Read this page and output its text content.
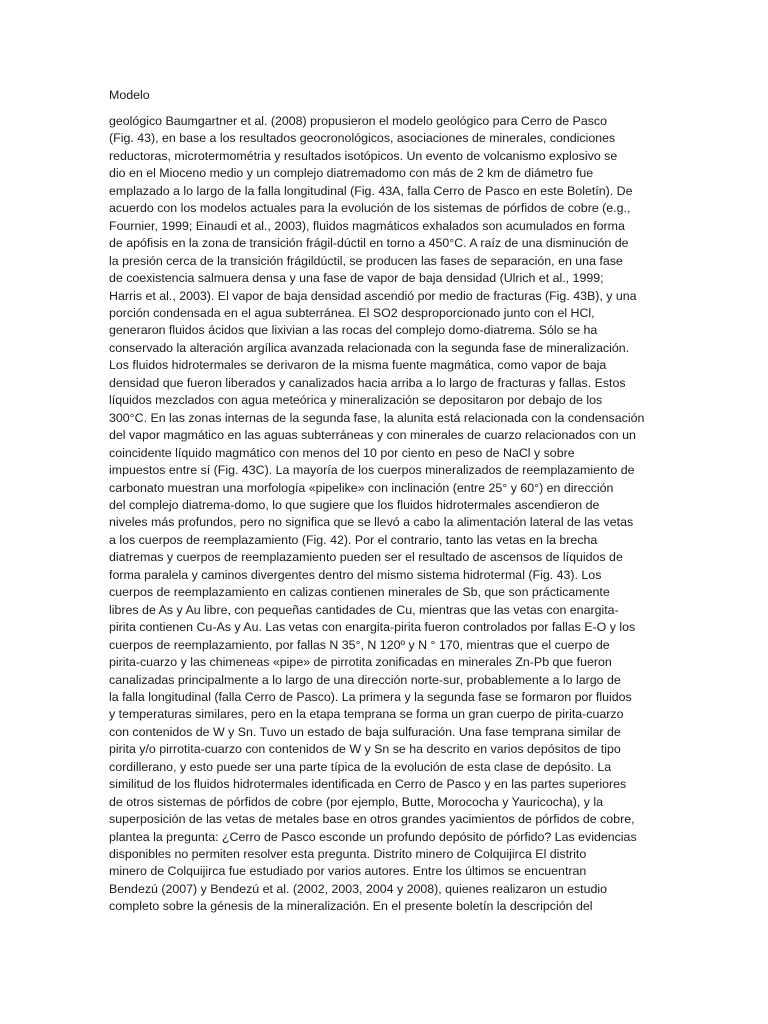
Modelo
geológico Baumgartner et al. (2008) propusieron el modelo geológico para Cerro de Pasco
(Fig. 43), en base a los resultados geocronológicos, asociaciones de minerales, condiciones
reductoras, microtermométria y resultados isotópicos. Un evento de volcanismo explosivo se
dio en el Mioceno medio y un complejo diatremadomo con más de 2 km de diámetro fue
emplazado a lo largo de la falla longitudinal (Fig. 43A, falla Cerro de Pasco en este Boletín). De
acuerdo con los modelos actuales para la evolución de los sistemas de pórfidos de cobre (e.g.,
Fournier, 1999; Einaudi et al., 2003), fluidos magmáticos exhalados son acumulados en forma
de apófisis en la zona de transición frágil-dúctil en torno a 450°C. A raíz de una disminución de
la presión cerca de la transición frágildúctil, se producen las fases de separación, en una fase
de coexistencia salmuera densa y una fase de vapor de baja densidad (Ulrich et al., 1999;
Harris et al., 2003). El vapor de baja densidad ascendió por medio de fracturas (Fig. 43B), y una
porción condensada en el agua subterránea. El SO2 desproporcionado junto con el HCl,
generaron fluidos ácidos que lixivian a las rocas del complejo domo-diatrema. Sólo se ha
conservado la alteración argílica avanzada relacionada con la segunda fase de mineralización.
Los fluidos hidrotermales se derivaron de la misma fuente magmática, como vapor de baja
densidad que fueron liberados y canalizados hacia arriba a lo largo de fracturas y fallas. Estos
líquidos mezclados con agua meteórica y mineralización se depositaron por debajo de los
300°C. En las zonas internas de la segunda fase, la alunita está relacionada con la condensación
del vapor magmático en las aguas subterráneas y con minerales de cuarzo relacionados con un
coincidente líquido magmático con menos del 10 por ciento en peso de NaCl y sobre
impuestos entre sí (Fig. 43C). La mayoría de los cuerpos mineralizados de reemplazamiento de
carbonato muestran una morfología «pipelike» con inclinación (entre 25° y 60°) en dirección
del complejo diatrema-domo, lo que sugiere que los fluidos hidrotermales ascendieron de
niveles más profundos, pero no significa que se llevó a cabo la alimentación lateral de las vetas
a los cuerpos de reemplazamiento (Fig. 42). Por el contrario, tanto las vetas en la brecha
diatremas y cuerpos de reemplazamiento pueden ser el resultado de ascensos de líquidos de
forma paralela y caminos divergentes dentro del mismo sistema hidrotermal (Fig. 43). Los
cuerpos de reemplazamiento en calizas contienen minerales de Sb, que son prácticamente
libres de As y Au libre, con pequeñas cantidades de Cu, mientras que las vetas con enargita-
pirita contienen Cu-As y Au. Las vetas con enargita-pirita fueron controlados por fallas E-O y los
cuerpos de reemplazamiento, por fallas N 35°, N 120º y N ° 170, mientras que el cuerpo de
pirita-cuarzo y las chimeneas «pipe» de pirrotita zonificadas en minerales Zn-Pb que fueron
canalizadas principalmente a lo largo de una dirección norte-sur, probablemente a lo largo de
la falla longitudinal (falla Cerro de Pasco). La primera y la segunda fase se formaron por fluidos
y temperaturas similares, pero en la etapa temprana se forma un gran cuerpo de pirita-cuarzo
con contenidos de W y Sn. Tuvo un estado de baja sulfuración. Una fase temprana similar de
pirita y/o pirrotita-cuarzo con contenidos de W y Sn se ha descrito en varios depósitos de tipo
cordillerano, y esto puede ser una parte típica de la evolución de esta clase de depósito. La
similitud de los fluidos hidrotermales identificada en Cerro de Pasco y en las partes superiores
de otros sistemas de pórfidos de cobre (por ejemplo, Butte, Morococha y Yauricocha), y la
superposición de las vetas de metales base en otros grandes yacimientos de pórfidos de cobre,
plantea la pregunta: ¿Cerro de Pasco esconde un profundo depósito de pórfido? Las evidencias
disponibles no permiten resolver esta pregunta. Distrito minero de Colquijirca El distrito
minero de Colquijirca fue estudiado por varios autores. Entre los últimos se encuentran
Bendezú (2007) y Bendezú et al. (2002, 2003, 2004 y 2008), quienes realizaron un estudio
completo sobre la génesis de la mineralización. En el presente boletín la descripción del
